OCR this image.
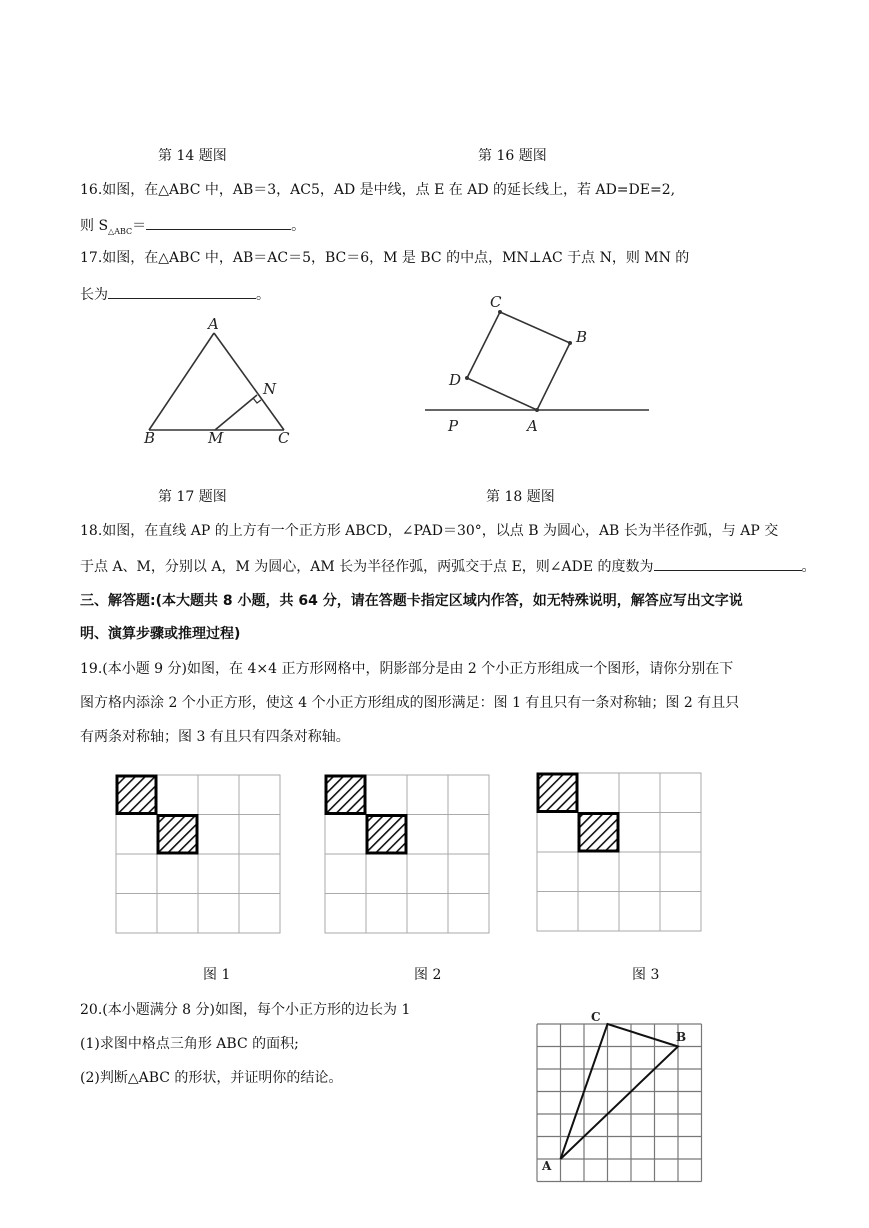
第 14 题图	第 16 题图
16.如图，在△ABC 中，AB＝3，AC5，AD 是中线，点 E 在 AD 的延长线上，若 AD=DE=2,
则 $S_{\triangle ABC}=$	。
17.如图，在△ABC 中，AB＝AC＝5，BC＝6，M 是 BC 的中点，MN⊥AC 于点 N，则 MN 的
长为	。
A
B	C
M
N
C
B
D
P	A
第 17 题图	第 18 题图
18.如图，在直线 AP 的上方有一个正方形 ABCD，∠PAD＝30°，以点 B 为圆心，AB 长为半径作弧，与 AP 交
于点 A、M，分别以 A，M 为圆心，AM 长为半径作弧，两弧交于点 E，则∠ADE 的度数为	。
三、解答题:(本大题共 8 小题，共 64 分，请在答题卡指定区域内作答，如无特殊说明，解答应写出文字说
明、演算步骤或推理过程)
19.(本小题 9 分)如图，在 4×4 正方形网格中，阴影部分是由 2 个小正方形组成一个图形，请你分别在下
图方格内添涂 2 个小正方形，使这 4 个小正方形组成的图形满足：图 1 有且只有一条对称轴；图 2 有且只
有两条对称轴；图 3 有且只有四条对称轴。
图 1	图 2	图 3
20.(本小题满分 8 分)如图，每个小正方形的边长为 1
(1)求图中格点三角形 ABC 的面积;
(2)判断△ABC 的形状，并证明你的结论。
C
B
A
